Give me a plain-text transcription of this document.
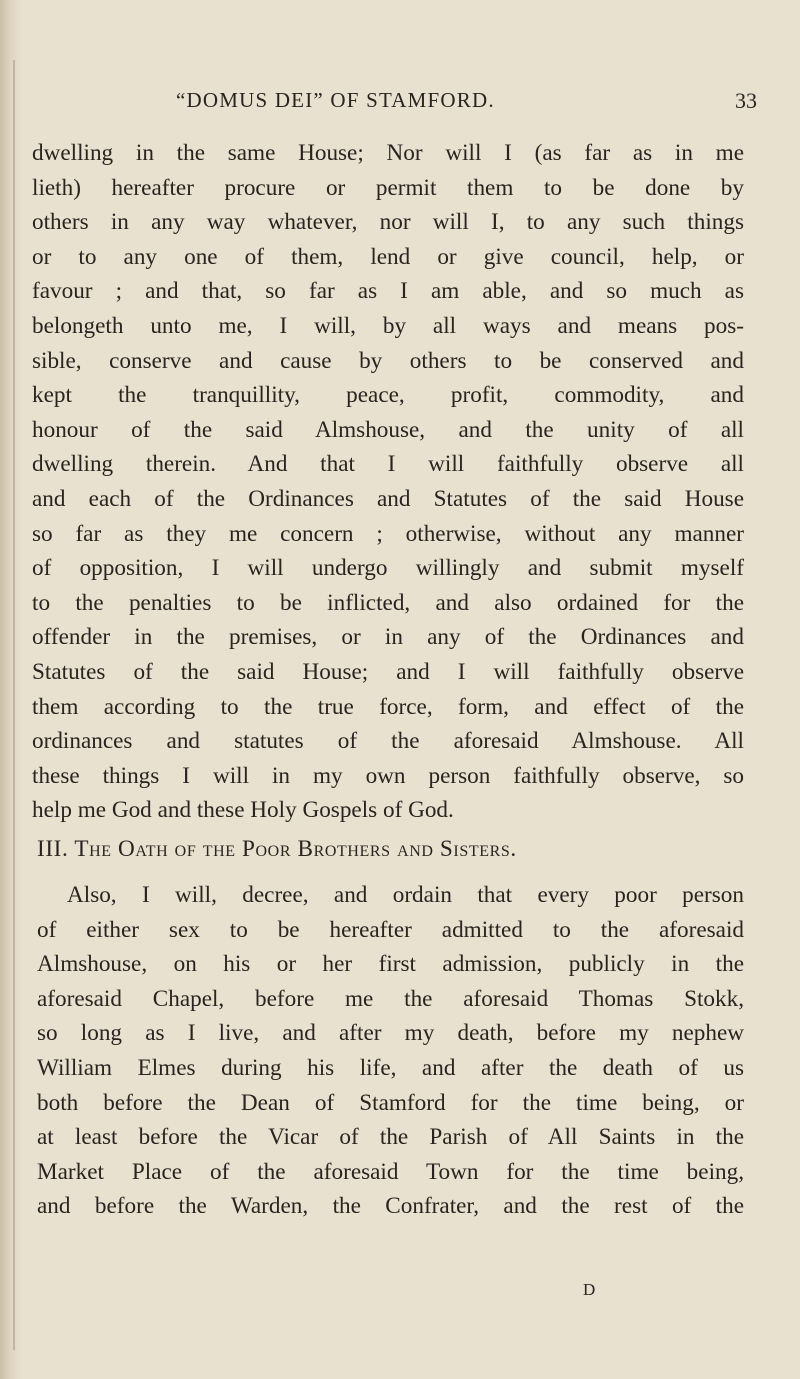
“DOMUS DEI” OF STAMFORD.	33
dwelling in the same House; Nor will I (as far as in me
lieth) hereafter procure or permit them to be done by
others in any way whatever, nor will I, to any such things
or to any one of them, lend or give council, help, or
favour ; and that, so far as I am able, and so much as
belongeth unto me, I will, by all ways and means pos-
sible, conserve and cause by others to be conserved and
kept the tranquillity, peace, profit, commodity, and
honour of the said Almshouse, and the unity of all
dwelling therein. And that I will faithfully observe all
and each of the Ordinances and Statutes of the said House
so far as they me concern ; otherwise, without any manner
of opposition, I will undergo willingly and submit myself
to the penalties to be inflicted, and also ordained for the
offender in the premises, or in any of the Ordinances and
Statutes of the said House; and I will faithfully observe
them according to the true force, form, and effect of the
ordinances and statutes of the aforesaid Almshouse. All
these things I will in my own person faithfully observe, so
help me God and these Holy Gospels of God.
III. The Oath of the Poor Brothers and Sisters.
Also, I will, decree, and ordain that every poor person
of either sex to be hereafter admitted to the aforesaid
Almshouse, on his or her first admission, publicly in the
aforesaid Chapel, before me the aforesaid Thomas Stokk,
so long as I live, and after my death, before my nephew
William Elmes during his life, and after the death of us
both before the Dean of Stamford for the time being, or
at least before the Vicar of the Parish of All Saints in the
Market Place of the aforesaid Town for the time being,
and before the Warden, the Confrater, and the rest of the
D
